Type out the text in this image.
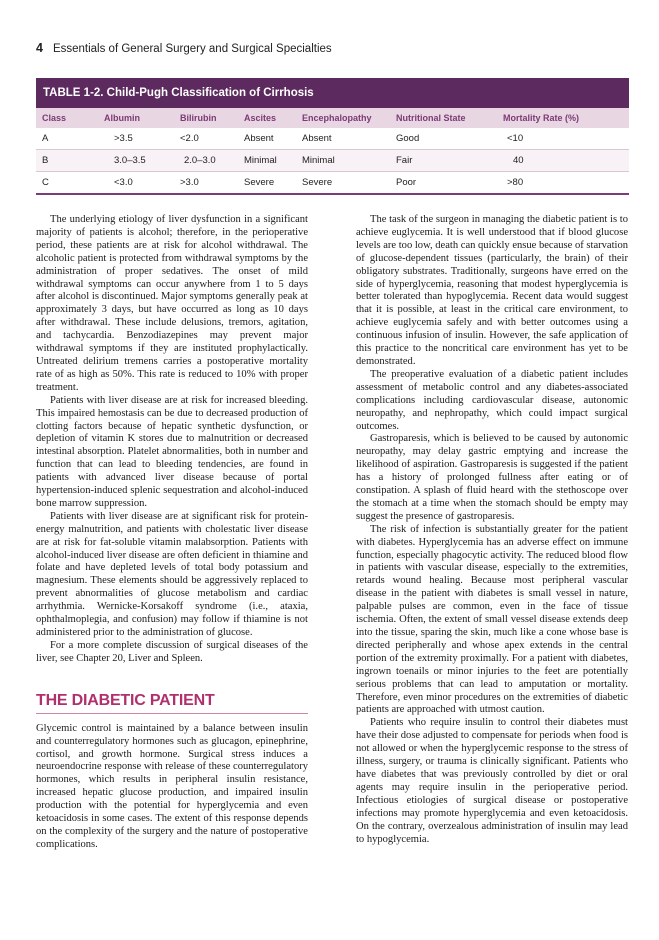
4 Essentials of General Surgery and Surgical Specialties
TABLE 1-2. Child-Pugh Classification of Cirrhosis
Class	Albumin	Bilirubin	Ascites	Encephalopathy	Nutritional State	Mortality Rate (%)
A	>3.5	<2.0	Absent	Absent	Good	<10
B	3.0–3.5	2.0–3.0	Minimal	Minimal	Fair	40
C	<3.0	>3.0	Severe	Severe	Poor	>80

The underlying etiology of liver dysfunction in a significant majority of patients is alcohol; therefore, in the perioperative period, these patients are at risk for alcohol withdrawal. The alcoholic patient is protected from withdrawal symptoms by the administration of proper sedatives. The onset of mild withdrawal symptoms can occur anywhere from 1 to 5 days after alcohol is discontinued. Major symptoms generally peak at approximately 3 days, but have occurred as long as 10 days after withdrawal. These include delusions, tremors, agitation, and tachycardia. Benzodiazepines may prevent major withdrawal symptoms if they are instituted prophylactically. Untreated delirium tremens carries a postoperative mortality rate of as high as 50%. This rate is reduced to 10% with proper treatment.

Patients with liver disease are at risk for increased bleeding. This impaired hemostasis can be due to decreased production of clotting factors because of hepatic synthetic dysfunction, or depletion of vitamin K stores due to malnutrition or decreased intestinal absorption. Platelet abnormalities, both in number and function that can lead to bleeding tendencies, are found in patients with advanced liver disease because of portal hypertension-induced splenic sequestration and alcohol-induced bone marrow suppression.

Patients with liver disease are at significant risk for protein-energy malnutrition, and patients with cholestatic liver disease are at risk for fat-soluble vitamin malabsorption. Patients with alcohol-induced liver disease are often deficient in thiamine and folate and have depleted levels of total body potassium and magnesium. These elements should be aggressively replaced to prevent abnormalities of glucose metabolism and cardiac arrhythmia. Wernicke-Korsakoff syndrome (i.e., ataxia, ophthalmoplegia, and confusion) may follow if thiamine is not administered prior to the administration of glucose.

For a more complete discussion of surgical diseases of the liver, see Chapter 20, Liver and Spleen.

THE DIABETIC PATIENT

Glycemic control is maintained by a balance between insulin and counterregulatory hormones such as glucagon, epinephrine, cortisol, and growth hormone. Surgical stress induces a neuroendocrine response with release of these counterregulatory hormones, which results in peripheral insulin resistance, increased hepatic glucose production, and impaired insulin production with the potential for hyperglycemia and even ketoacidosis in some cases. The extent of this response depends on the complexity of the surgery and the nature of postoperative complications.

The task of the surgeon in managing the diabetic patient is to achieve euglycemia. It is well understood that if blood glucose levels are too low, death can quickly ensue because of starvation of glucose-dependent tissues (particularly, the brain) of their obligatory substrates. Traditionally, surgeons have erred on the side of hyperglycemia, reasoning that modest hyperglycemia is better tolerated than hypoglycemia. Recent data would suggest that it is possible, at least in the critical care environment, to achieve euglycemia safely and with better outcomes using a continuous infusion of insulin. However, the safe application of this practice to the noncritical care environment has yet to be demonstrated.

The preoperative evaluation of a diabetic patient includes assessment of metabolic control and any diabetes-associated complications including cardiovascular disease, autonomic neuropathy, and nephropathy, which could impact surgical outcomes.

Gastroparesis, which is believed to be caused by autonomic neuropathy, may delay gastric emptying and increase the likelihood of aspiration. Gastroparesis is suggested if the patient has a history of prolonged fullness after eating or of constipation. A splash of fluid heard with the stethoscope over the stomach at a time when the stomach should be empty may suggest the presence of gastroparesis.

The risk of infection is substantially greater for the patient with diabetes. Hyperglycemia has an adverse effect on immune function, especially phagocytic activity. The reduced blood flow in patients with vascular disease, especially to the extremities, retards wound healing. Because most peripheral vascular disease in the patient with diabetes is small vessel in nature, palpable pulses are common, even in the face of tissue ischemia. Often, the extent of small vessel disease extends deep into the tissue, sparing the skin, much like a cone whose base is directed peripherally and whose apex extends in the central portion of the extremity proximally. For a patient with diabetes, ingrown toenails or minor injuries to the feet are potentially serious problems that can lead to amputation or mortality. Therefore, even minor procedures on the extremities of diabetic patients are approached with utmost caution.

Patients who require insulin to control their diabetes must have their dose adjusted to compensate for periods when food is not allowed or when the hyperglycemic response to the stress of illness, surgery, or trauma is clinically significant. Patients who have diabetes that was previously controlled by diet or oral agents may require insulin in the perioperative period. Infectious etiologies of surgical disease or postoperative infections may promote hyperglycemia and even ketoacidosis. On the contrary, overzealous administration of insulin may lead to hypoglycemia.
